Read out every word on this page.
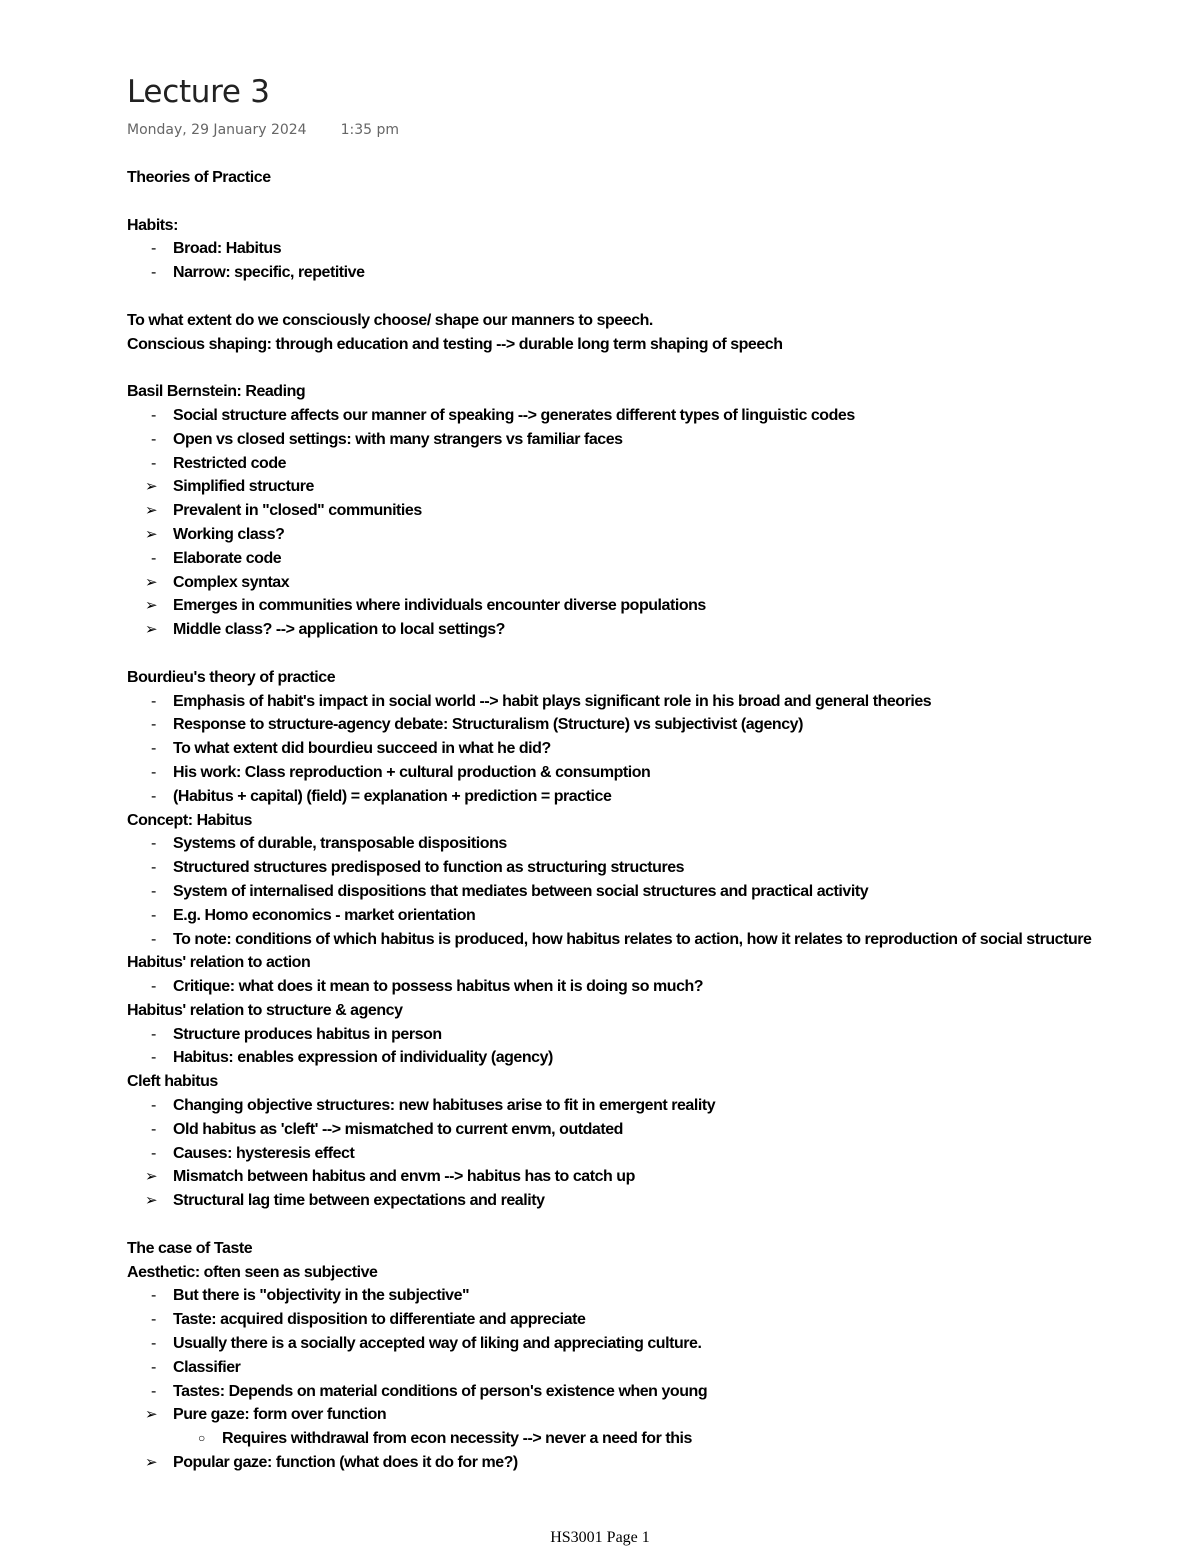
Lecture 3
Monday, 29 January 2024 1:35 pm
Theories of Practice
Habits:
- Broad: Habitus
- Narrow: specific, repetitive
To what extent do we consciously choose/ shape our manners to speech.
Conscious shaping: through education and testing --> durable long term shaping of speech
Basil Bernstein: Reading
- Social structure affects our manner of speaking --> generates different types of linguistic codes
- Open vs closed settings: with many strangers vs familiar faces
- Restricted code
➢ Simplified structure
➢ Prevalent in "closed" communities
➢ Working class?
- Elaborate code
➢ Complex syntax
➢ Emerges in communities where individuals encounter diverse populations
➢ Middle class? --> application to local settings?
Bourdieu's theory of practice
- Emphasis of habit's impact in social world --> habit plays significant role in his broad and general theories
- Response to structure-agency debate: Structuralism (Structure) vs subjectivist (agency)
- To what extent did bourdieu succeed in what he did?
- His work: Class reproduction + cultural production & consumption
- (Habitus + capital) (field) = explanation + prediction = practice
Concept: Habitus
- Systems of durable, transposable dispositions
- Structured structures predisposed to function as structuring structures
- System of internalised dispositions that mediates between social structures and practical activity
- E.g. Homo economics - market orientation
- To note: conditions of which habitus is produced, how habitus relates to action, how it relates to reproduction of social structure
Habitus' relation to action
- Critique: what does it mean to possess habitus when it is doing so much?
Habitus' relation to structure & agency
- Structure produces habitus in person
- Habitus: enables expression of individuality (agency)
Cleft habitus
- Changing objective structures: new habituses arise to fit in emergent reality
- Old habitus as 'cleft' --> mismatched to current envm, outdated
- Causes: hysteresis effect
➢ Mismatch between habitus and envm --> habitus has to catch up
➢ Structural lag time between expectations and reality
The case of Taste
Aesthetic: often seen as subjective
- But there is "objectivity in the subjective"
- Taste: acquired disposition to differentiate and appreciate
- Usually there is a socially accepted way of liking and appreciating culture.
- Classifier
- Tastes: Depends on material conditions of person's existence when young
➢ Pure gaze: form over function
○ Requires withdrawal from econ necessity --> never a need for this
➢ Popular gaze: function (what does it do for me?)
HS3001 Page 1
